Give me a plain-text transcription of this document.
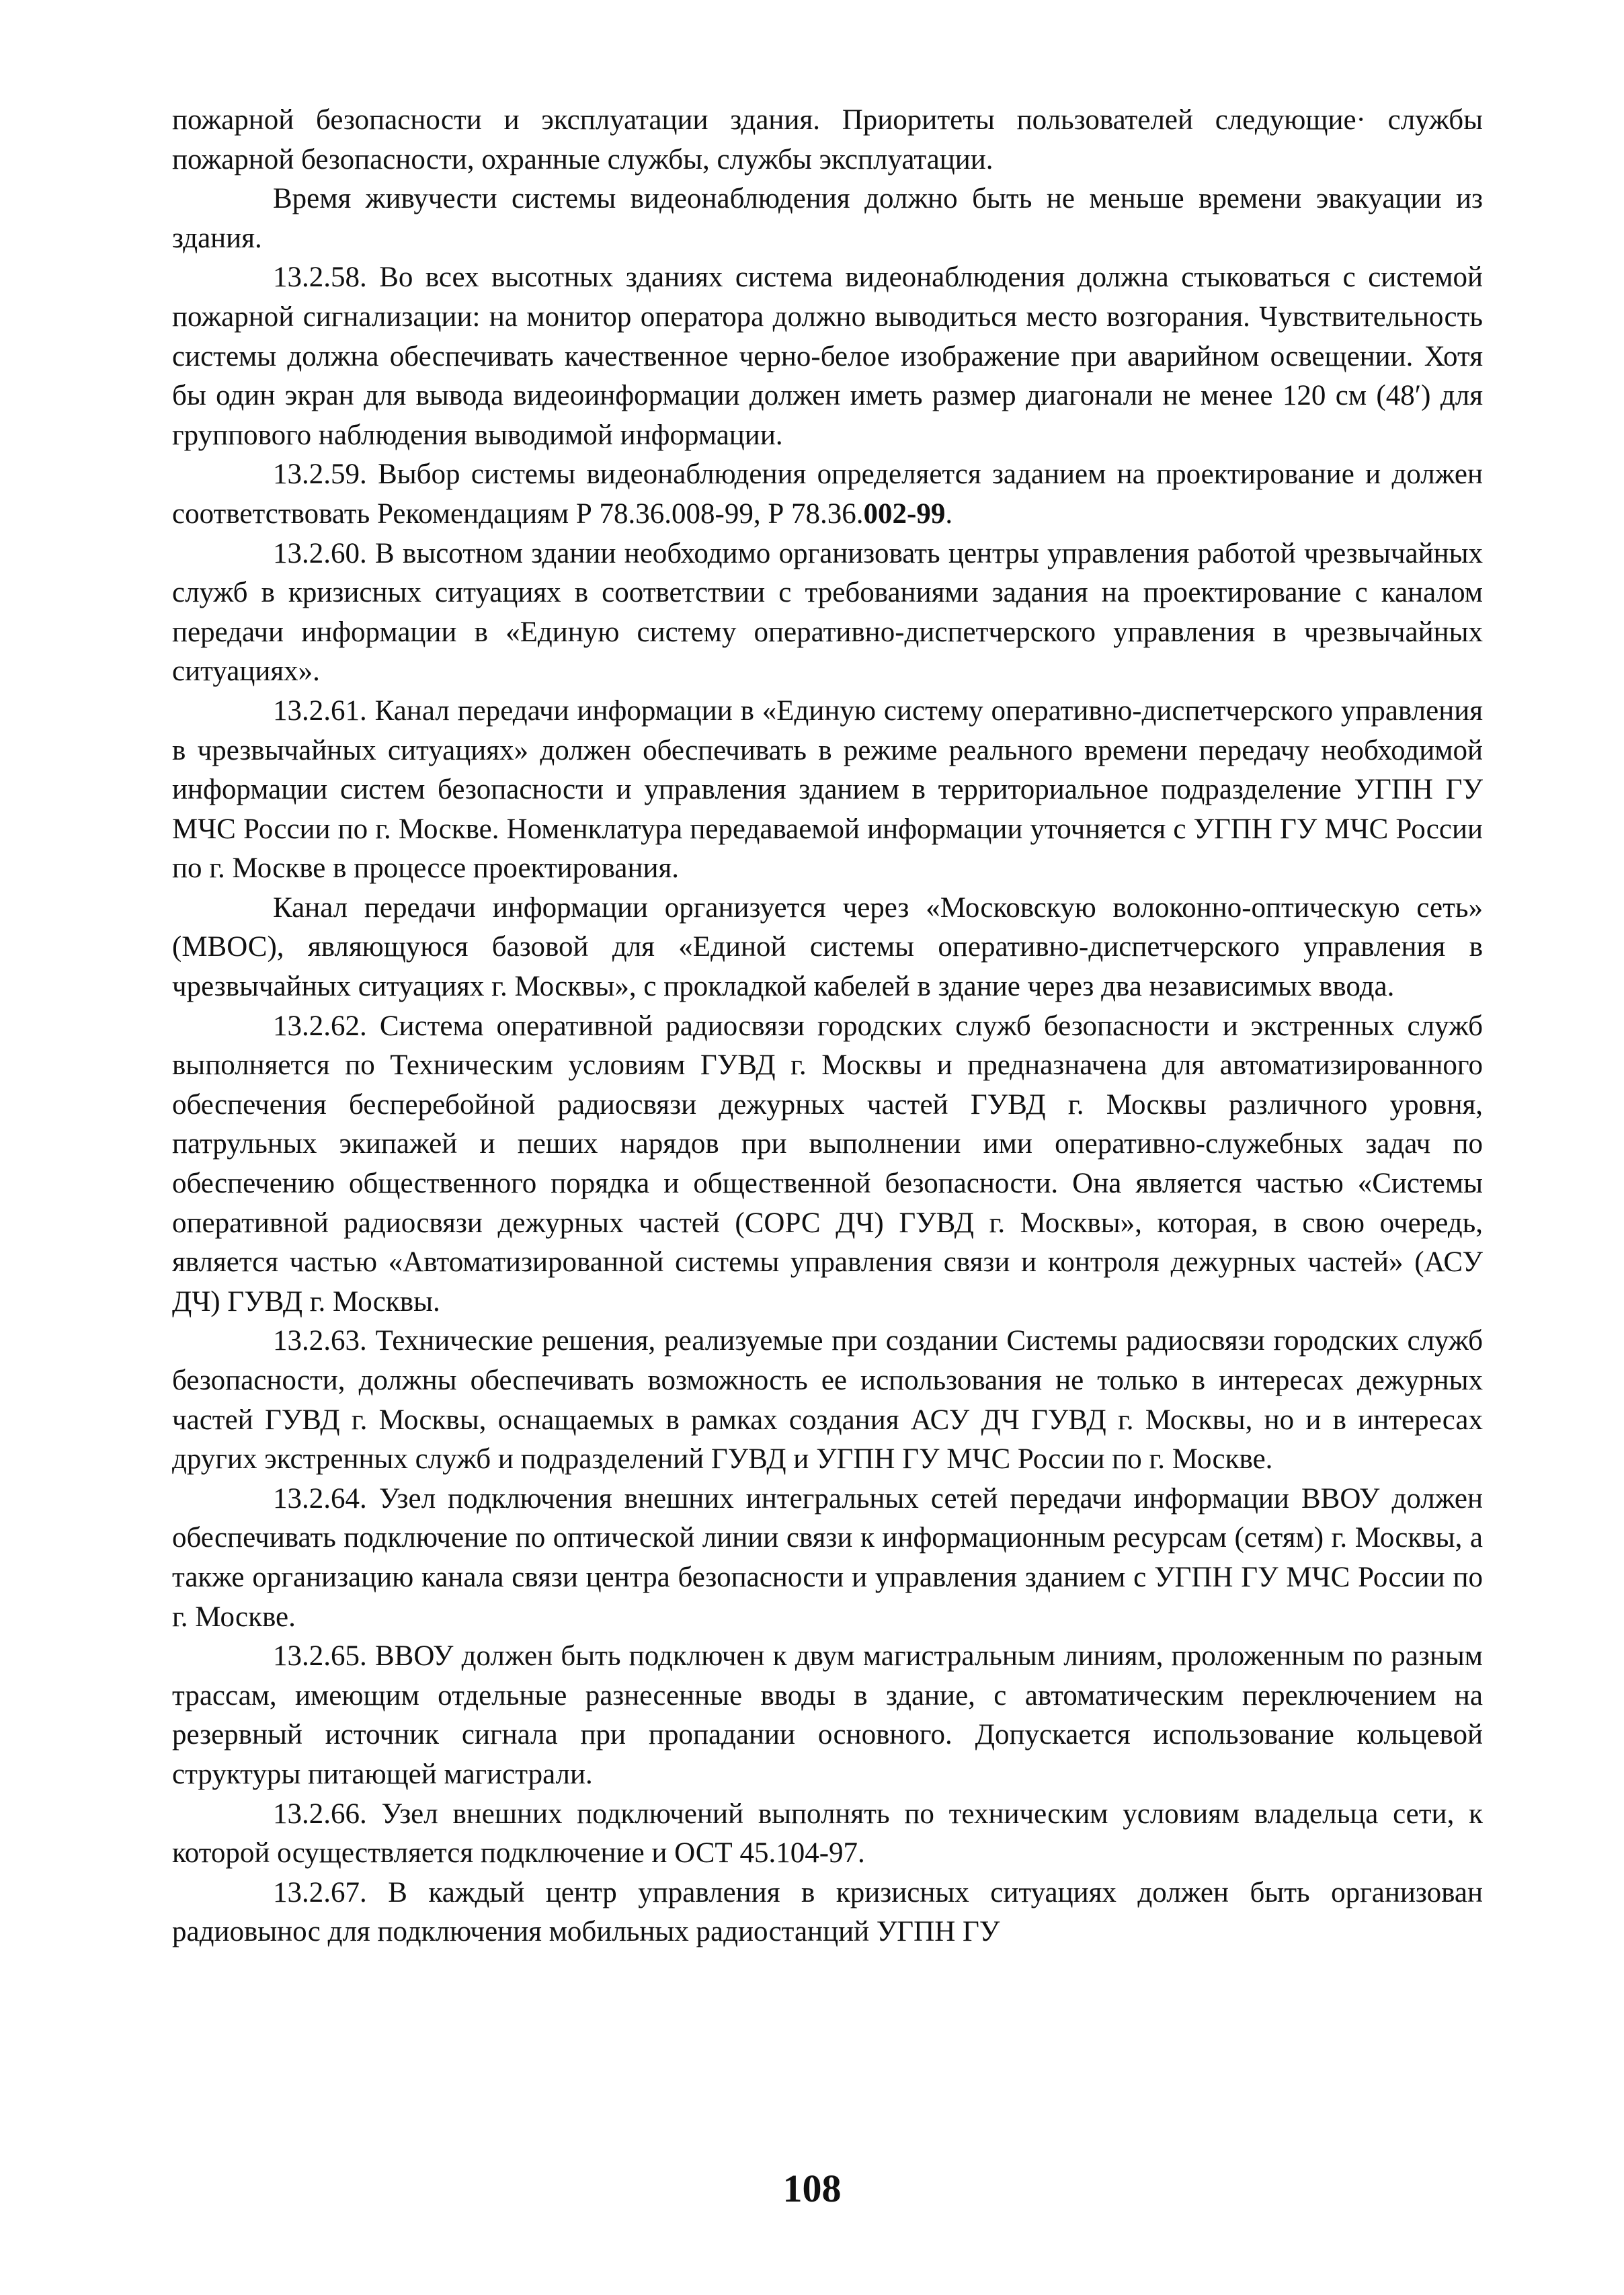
пожарной безопасности и эксплуатации здания. Приоритеты пользователей следующие· службы пожарной безопасности, охранные службы, службы эксплуатации.

Время живучести системы видеонаблюдения должно быть не меньше времени эвакуации из здания.

13.2.58. Во всех высотных зданиях система видеонаблюдения должна стыковаться с системой пожарной сигнализации: на монитор оператора должно выводиться место возгорания. Чувствительность системы должна обеспечивать качественное черно-белое изображение при аварийном освещении. Хотя бы один экран для вывода видеоинформации должен иметь размер диагонали не менее 120 см (48′) для группового наблюдения выводимой информации.

13.2.59. Выбор системы видеонаблюдения определяется заданием на проектирование и должен соответствовать Рекомендациям Р 78.36.008-99, Р 78.36.002-99.

13.2.60. В высотном здании необходимо организовать центры управления работой чрезвычайных служб в кризисных ситуациях в соответствии с требованиями задания на проектирование с каналом передачи информации в «Единую систему оперативно-диспетчерского управления в чрезвычайных ситуациях».

13.2.61. Канал передачи информации в «Единую систему оперативно-диспетчерского управления в чрезвычайных ситуациях» должен обеспечивать в режиме реального времени передачу необходимой информации систем безопасности и управления зданием в территориальное подразделение УГПН ГУ МЧС России по г. Москве. Номенклатура передаваемой информации уточняется с УГПН ГУ МЧС России по г. Москве в процессе проектирования.

Канал передачи информации организуется через «Московскую волоконно-оптическую сеть» (МВОС), являющуюся базовой для «Единой системы оперативно-диспетчерского управления в чрезвычайных ситуациях г. Москвы», с прокладкой кабелей в здание через два независимых ввода.

13.2.62. Система оперативной радиосвязи городских служб безопасности и экстренных служб выполняется по Техническим условиям ГУВД г. Москвы и предназначена для автоматизированного обеспечения бесперебойной радиосвязи дежурных частей ГУВД г. Москвы различного уровня, патрульных экипажей и пеших нарядов при выполнении ими оперативно-служебных задач по обеспечению общественного порядка и общественной безопасности. Она является частью «Системы оперативной радиосвязи дежурных частей (СОРС ДЧ) ГУВД г. Москвы», которая, в свою очередь, является частью «Автоматизированной системы управления связи и контроля дежурных частей» (АСУ ДЧ) ГУВД г. Москвы.

13.2.63. Технические решения, реализуемые при создании Системы радиосвязи городских служб безопасности, должны обеспечивать возможность ее использования не только в интересах дежурных частей ГУВД г. Москвы, оснащаемых в рамках создания АСУ ДЧ ГУВД г. Москвы, но и в интересах других экстренных служб и подразделений ГУВД и УГПН ГУ МЧС России по г. Москве.

13.2.64. Узел подключения внешних интегральных сетей передачи информации ВВОУ должен обеспечивать подключение по оптической линии связи к информационным ресурсам (сетям) г. Москвы, а также организацию канала связи центра безопасности и управления зданием с УГПН ГУ МЧС России по г. Москве.

13.2.65. ВВОУ должен быть подключен к двум магистральным линиям, проложенным по разным трассам, имеющим отдельные разнесенные вводы в здание, с автоматическим переключением на резервный источник сигнала при пропадании основного. Допускается использование кольцевой структуры питающей магистрали.

13.2.66. Узел внешних подключений выполнять по техническим условиям владельца сети, к которой осуществляется подключение и ОСТ 45.104-97.

13.2.67. В каждый центр управления в кризисных ситуациях должен быть организован радиовынос для подключения мобильных радиостанций УГПН ГУ

108
